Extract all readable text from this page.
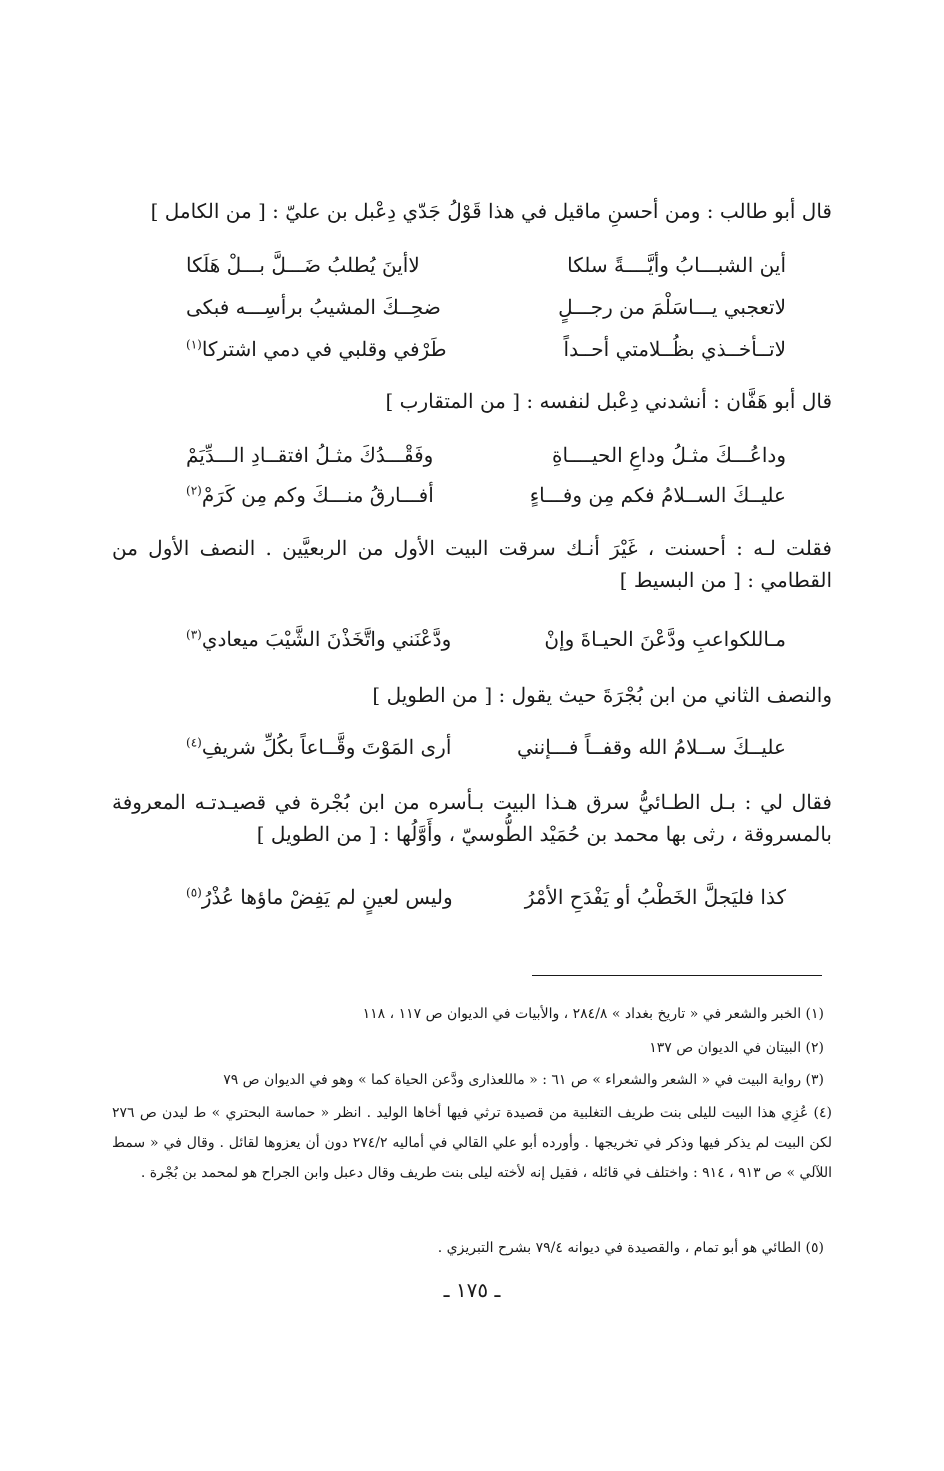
قال أبو طالب : ومن أحسنِ ماقيل في هذا قَوْلُ جَدّي دِعْبل بن عليّ : [ من الكامل ]
أين الشبـــابُ وأيَّــــةً سلكا
لاأينَ يُطلبُ ضَـــلَّ بـــلْ هَلَكا
لاتعجبي يـــاسَلْمَ من رجـــلٍ
ضحِــكَ المشيبُ برأسِـــه فبكى
لاتــأخــذي بظُــلامتي أحــداً
طَرْفي وقلبي في دمي اشتركا$^{(١)}$
قال أبو هَفَّان : أنشدني دِعْبل لنفسه : [ من المتقارب ]
وداعُـــكَ مثـلُ وداعِ الحيــــاةِ
وفَقْـــدُكَ مثـلُ افتقــادِ الـــدِّيَمْ
عليــكَ الســلامُ فكم مِن وفـــاءٍ
أفـــارقُ منـــكَ وكم مِن كَرَمْ$^{(٢)}$
فقلت لـه : أحسنت ، غَيْرَ أنـك سرقت البيت الأول من الربعيَّين . النصف الأول من القطامي : [ من البسيط ]
مـاللكواعبِ ودَّعْنَ الحيـاةَ وإنْ
ودَّعْنَني واتَّخَذْنَ الشَّيْبَ ميعادي$^{(٣)}$
والنصف الثاني من ابن بُجْرَةَ حيث يقول : [ من الطويل ]
عليــكَ ســلامُ الله وقفــاً فـــإنني
أرى المَوْتَ وقَّــاعاً بكُلِّ شريفِ$^{(٤)}$
فقال لي : بـل الطـائيُّ سرق هـذا البيت بـأسره من ابن بُجْرة في قصيـدتـه المعروفة بالمسروقة ، رثى بها محمد بن حُمَيْد الطُّوسيّ ، وأَوَّلُها : [ من الطويل ]
كذا فليَجلَّ الخَطْبُ أو يَفْدَحِ الأمْرُ
وليس لعينٍ لم يَفِضْ ماؤها عُذْرُ$^{(٥)}$
(١) الخبر والشعر في « تاريخ بغداد » ٢٨٤/٨ ، والأبيات في الديوان ص ١١٧ ، ١١٨
(٢) البيتان في الديوان ص ١٣٧
(٣) رواية البيت في « الشعر والشعراء » ص ٦١ : « ماللعذارى ودَّعن الحياة كما » وهو في الديوان ص ٧٩
(٤) عُزِي هذا البيت لليلى بنت طريف التغلبية من قصيدة ترثي فيها أخاها الوليد . انظر « حماسة البحتري » ط ليدن ص ٢٧٦ لكن البيت لم يذكر فيها وذكر في تخريجها . وأورده أبو علي القالي في أماليه ٢٧٤/٢ دون أن يعزوها لقائل . وقال في « سمط اللآلي » ص ٩١٣ ، ٩١٤ : واختلف في قائله ، فقيل إنه لأخته ليلى بنت طريف وقال دعبل وابن الجراح هو لمحمد بن بُجْرة .
(٥) الطائي هو أبو تمام ، والقصيدة في ديوانه ٧٩/٤ بشرح التبريزي .
ـ ١٧٥ ـ
